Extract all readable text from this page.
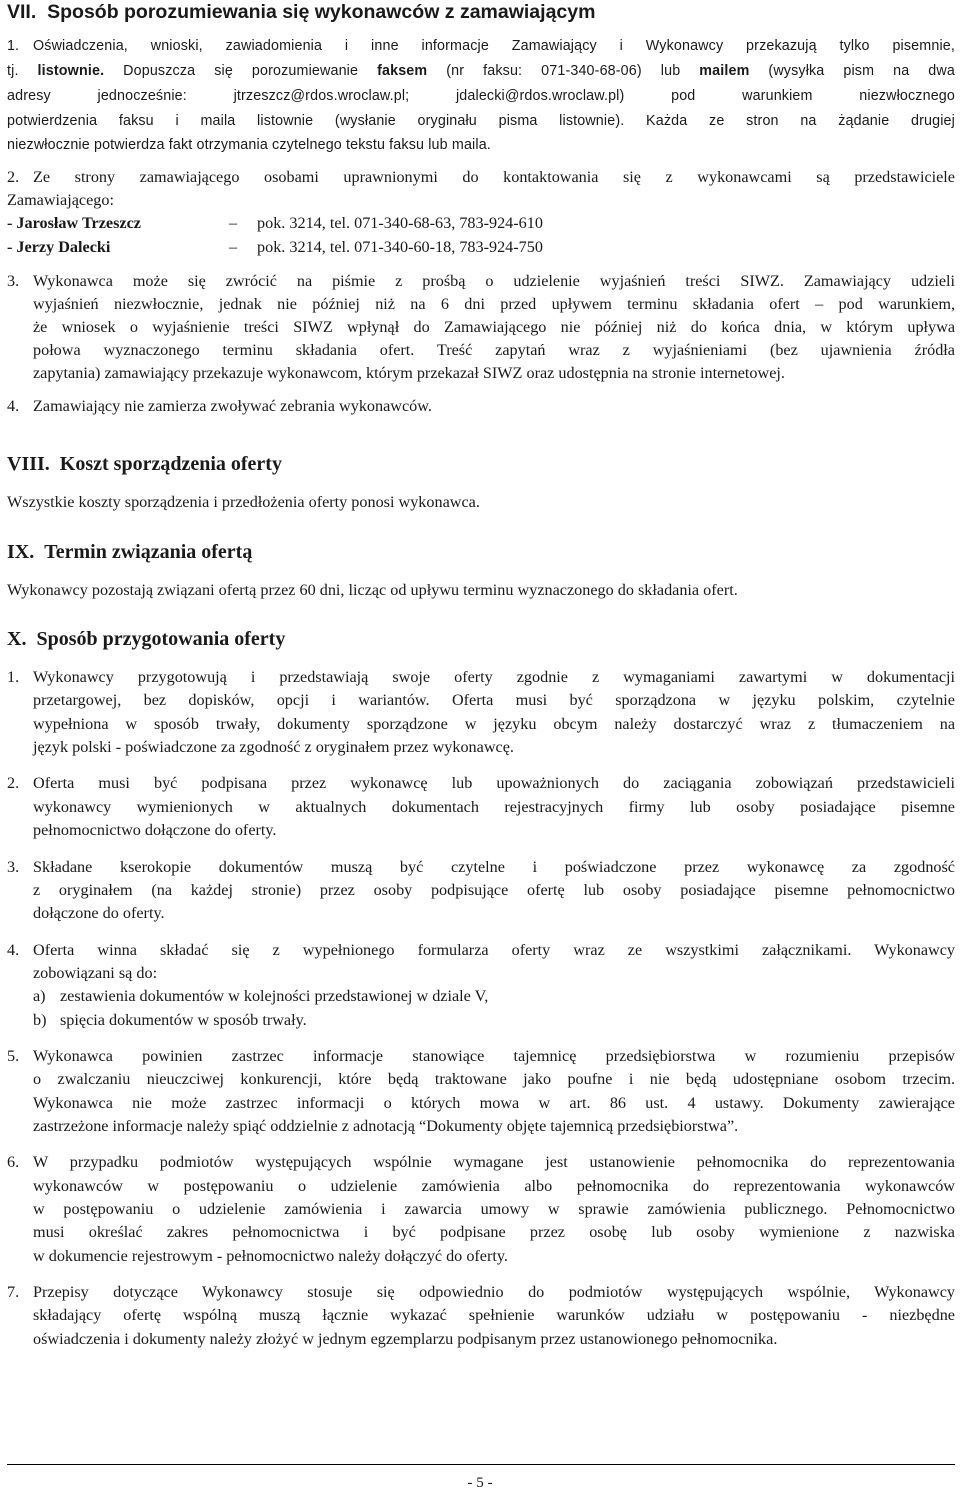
VII. Sposób porozumiewania się wykonawców z zamawiającym
1. Oświadczenia, wnioski, zawiadomienia i inne informacje Zamawiający i Wykonawcy przekazują tylko pisemnie,
tj. listownie. Dopuszcza się porozumiewanie faksem (nr faksu: 071-340-68-06) lub mailem (wysyłka pism na dwa
adresy jednocześnie: jtrzeszcz@rdos.wroclaw.pl; jdalecki@rdos.wroclaw.pl) pod warunkiem niezwłocznego
potwierdzenia faksu i maila listownie (wysłanie oryginału pisma listownie). Każda ze stron na żądanie drugiej
niezwłocznie potwierdza fakt otrzymania czytelnego tekstu faksu lub maila.
2. Ze strony zamawiającego osobami uprawnionymi do kontaktowania się z wykonawcami są przedstawiciele
Zamawiającego:
- Jarosław Trzeszcz	– pok. 3214, tel. 071-340-68-63, 783-924-610
- Jerzy Dalecki	– pok. 3214, tel. 071-340-60-18, 783-924-750
3. Wykonawca może się zwrócić na piśmie z prośbą o udzielenie wyjaśnień treści SIWZ. Zamawiający udzieli
wyjaśnień niezwłocznie, jednak nie później niż na 6 dni przed upływem terminu składania ofert – pod warunkiem,
że wniosek o wyjaśnienie treści SIWZ wpłynął do Zamawiającego nie później niż do końca dnia, w którym upływa
połowa wyznaczonego terminu składania ofert. Treść zapytań wraz z wyjaśnieniami (bez ujawnienia źródła
zapytania) zamawiający przekazuje wykonawcom, którym przekazał SIWZ oraz udostępnia na stronie internetowej.
4. Zamawiający nie zamierza zwoływać zebrania wykonawców.
VIII. Koszt sporządzenia oferty
Wszystkie koszty sporządzenia i przedłożenia oferty ponosi wykonawca.
IX. Termin związania ofertą
Wykonawcy pozostają związani ofertą przez 60 dni, licząc od upływu terminu wyznaczonego do składania ofert.
X. Sposób przygotowania oferty
1. Wykonawcy przygotowują i przedstawiają swoje oferty zgodnie z wymaganiami zawartymi w dokumentacji
przetargowej, bez dopisków, opcji i wariantów. Oferta musi być sporządzona w języku polskim, czytelnie
wypełniona w sposób trwały, dokumenty sporządzone w języku obcym należy dostarczyć wraz z tłumaczeniem na
język polski - poświadczone za zgodność z oryginałem przez wykonawcę.
2. Oferta musi być podpisana przez wykonawcę lub upoważnionych do zaciągania zobowiązań przedstawicieli
wykonawcy wymienionych w aktualnych dokumentach rejestracyjnych firmy lub osoby posiadające pisemne
pełnomocnictwo dołączone do oferty.
3. Składane kserokopie dokumentów muszą być czytelne i poświadczone przez wykonawcę za zgodność
z oryginałem (na każdej stronie) przez osoby podpisujące ofertę lub osoby posiadające pisemne pełnomocnictwo
dołączone do oferty.
4. Oferta winna składać się z wypełnionego formularza oferty wraz ze wszystkimi załącznikami. Wykonawcy
zobowiązani są do:
a) zestawienia dokumentów w kolejności przedstawionej w dziale V,
b) spięcia dokumentów w sposób trwały.
5. Wykonawca powinien zastrzec informacje stanowiące tajemnicę przedsiębiorstwa w rozumieniu przepisów
o zwalczaniu nieuczciwej konkurencji, które będą traktowane jako poufne i nie będą udostępniane osobom trzecim.
Wykonawca nie może zastrzec informacji o których mowa w art. 86 ust. 4 ustawy. Dokumenty zawierające
zastrzeżone informacje należy spiąć oddzielnie z adnotacją “Dokumenty objęte tajemnicą przedsiębiorstwa”.
6. W przypadku podmiotów występujących wspólnie wymagane jest ustanowienie pełnomocnika do reprezentowania
wykonawców w postępowaniu o udzielenie zamówienia albo pełnomocnika do reprezentowania wykonawców
w postępowaniu o udzielenie zamówienia i zawarcia umowy w sprawie zamówienia publicznego. Pełnomocnictwo
musi określać zakres pełnomocnictwa i być podpisane przez osobę lub osoby wymienione z nazwiska
w dokumencie rejestrowym - pełnomocnictwo należy dołączyć do oferty.
7. Przepisy dotyczące Wykonawcy stosuje się odpowiednio do podmiotów występujących wspólnie, Wykonawcy
składający ofertę wspólną muszą łącznie wykazać spełnienie warunków udziału w postępowaniu - niezbędne
oświadczenia i dokumenty należy złożyć w jednym egzemplarzu podpisanym przez ustanowionego pełnomocnika.
- 5 -
